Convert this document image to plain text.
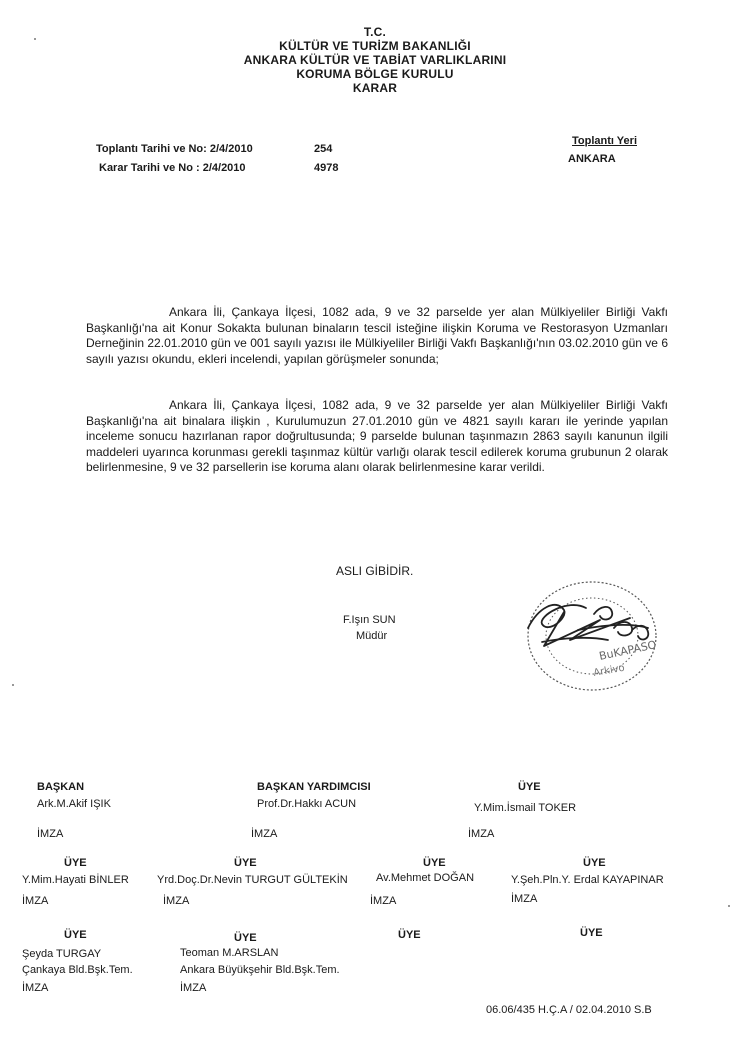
T.C.
KÜLTÜR VE TURİZM BAKANLIĞI
ANKARA KÜLTÜR VE TABİAT VARLIKLARINI
KORUMA BÖLGE KURULU
KARAR
Toplantı Tarihi ve No: 2/4/2010	254
Karar Tarihi ve No : 2/4/2010	4978
Toplantı Yeri
ANKARA

Ankara İli, Çankaya İlçesi, 1082 ada, 9 ve 32 parselde yer alan Mülkiyeliler Birliği Vakfı Başkanlığı'na ait Konur Sokakta bulunan binaların tescil isteğine ilişkin Koruma ve Restorasyon Uzmanları Derneğinin 22.01.2010 gün ve 001 sayılı yazısı ile Mülkiyeliler Birliği Vakfı Başkanlığı'nın 03.02.2010 gün ve 6 sayılı yazısı okundu, ekleri incelendi, yapılan görüşmeler sonunda;

Ankara İli, Çankaya İlçesi, 1082 ada, 9 ve 32 parselde yer alan Mülkiyeliler Birliği Vakfı Başkanlığı'na ait binalara ilişkin , Kurulumuzun 27.01.2010 gün ve 4821 sayılı kararı ile yerinde yapılan inceleme sonucu hazırlanan rapor doğrultusunda; 9 parselde bulunan taşınmazın 2863 sayılı kanunun ilgili maddeleri uyarınca korunması gerekli taşınmaz kültür varlığı olarak tescil edilerek koruma grubunun 2 olarak belirlenmesine, 9 ve 32 parsellerin ise koruma alanı olarak belirlenmesine karar verildi.

ASLI GİBİDİR.
F.Işın SUN
Müdür
BuKAPASO
Arkivo
BAŞKAN
Ark.M.Akif IŞIK
İMZA
BAŞKAN YARDIMCISI
Prof.Dr.Hakkı ACUN
İMZA
ÜYE
Y.Mim.İsmail TOKER
İMZA
ÜYE
Y.Mim.Hayati BİNLER
İMZA
ÜYE
Yrd.Doç.Dr.Nevin TURGUT GÜLTEKİN
İMZA
ÜYE
Av.Mehmet DOĞAN
İMZA
ÜYE
Y.Şeh.Pln.Y. Erdal KAYAPINAR
İMZA
ÜYE
Şeyda TURGAY
Çankaya Bld.Bşk.Tem.
İMZA
ÜYE
Teoman M.ARSLAN
Ankara Büyükşehir Bld.Bşk.Tem.
İMZA
ÜYE	ÜYE
06.06/435 H.Ç.A / 02.04.2010 S.B
